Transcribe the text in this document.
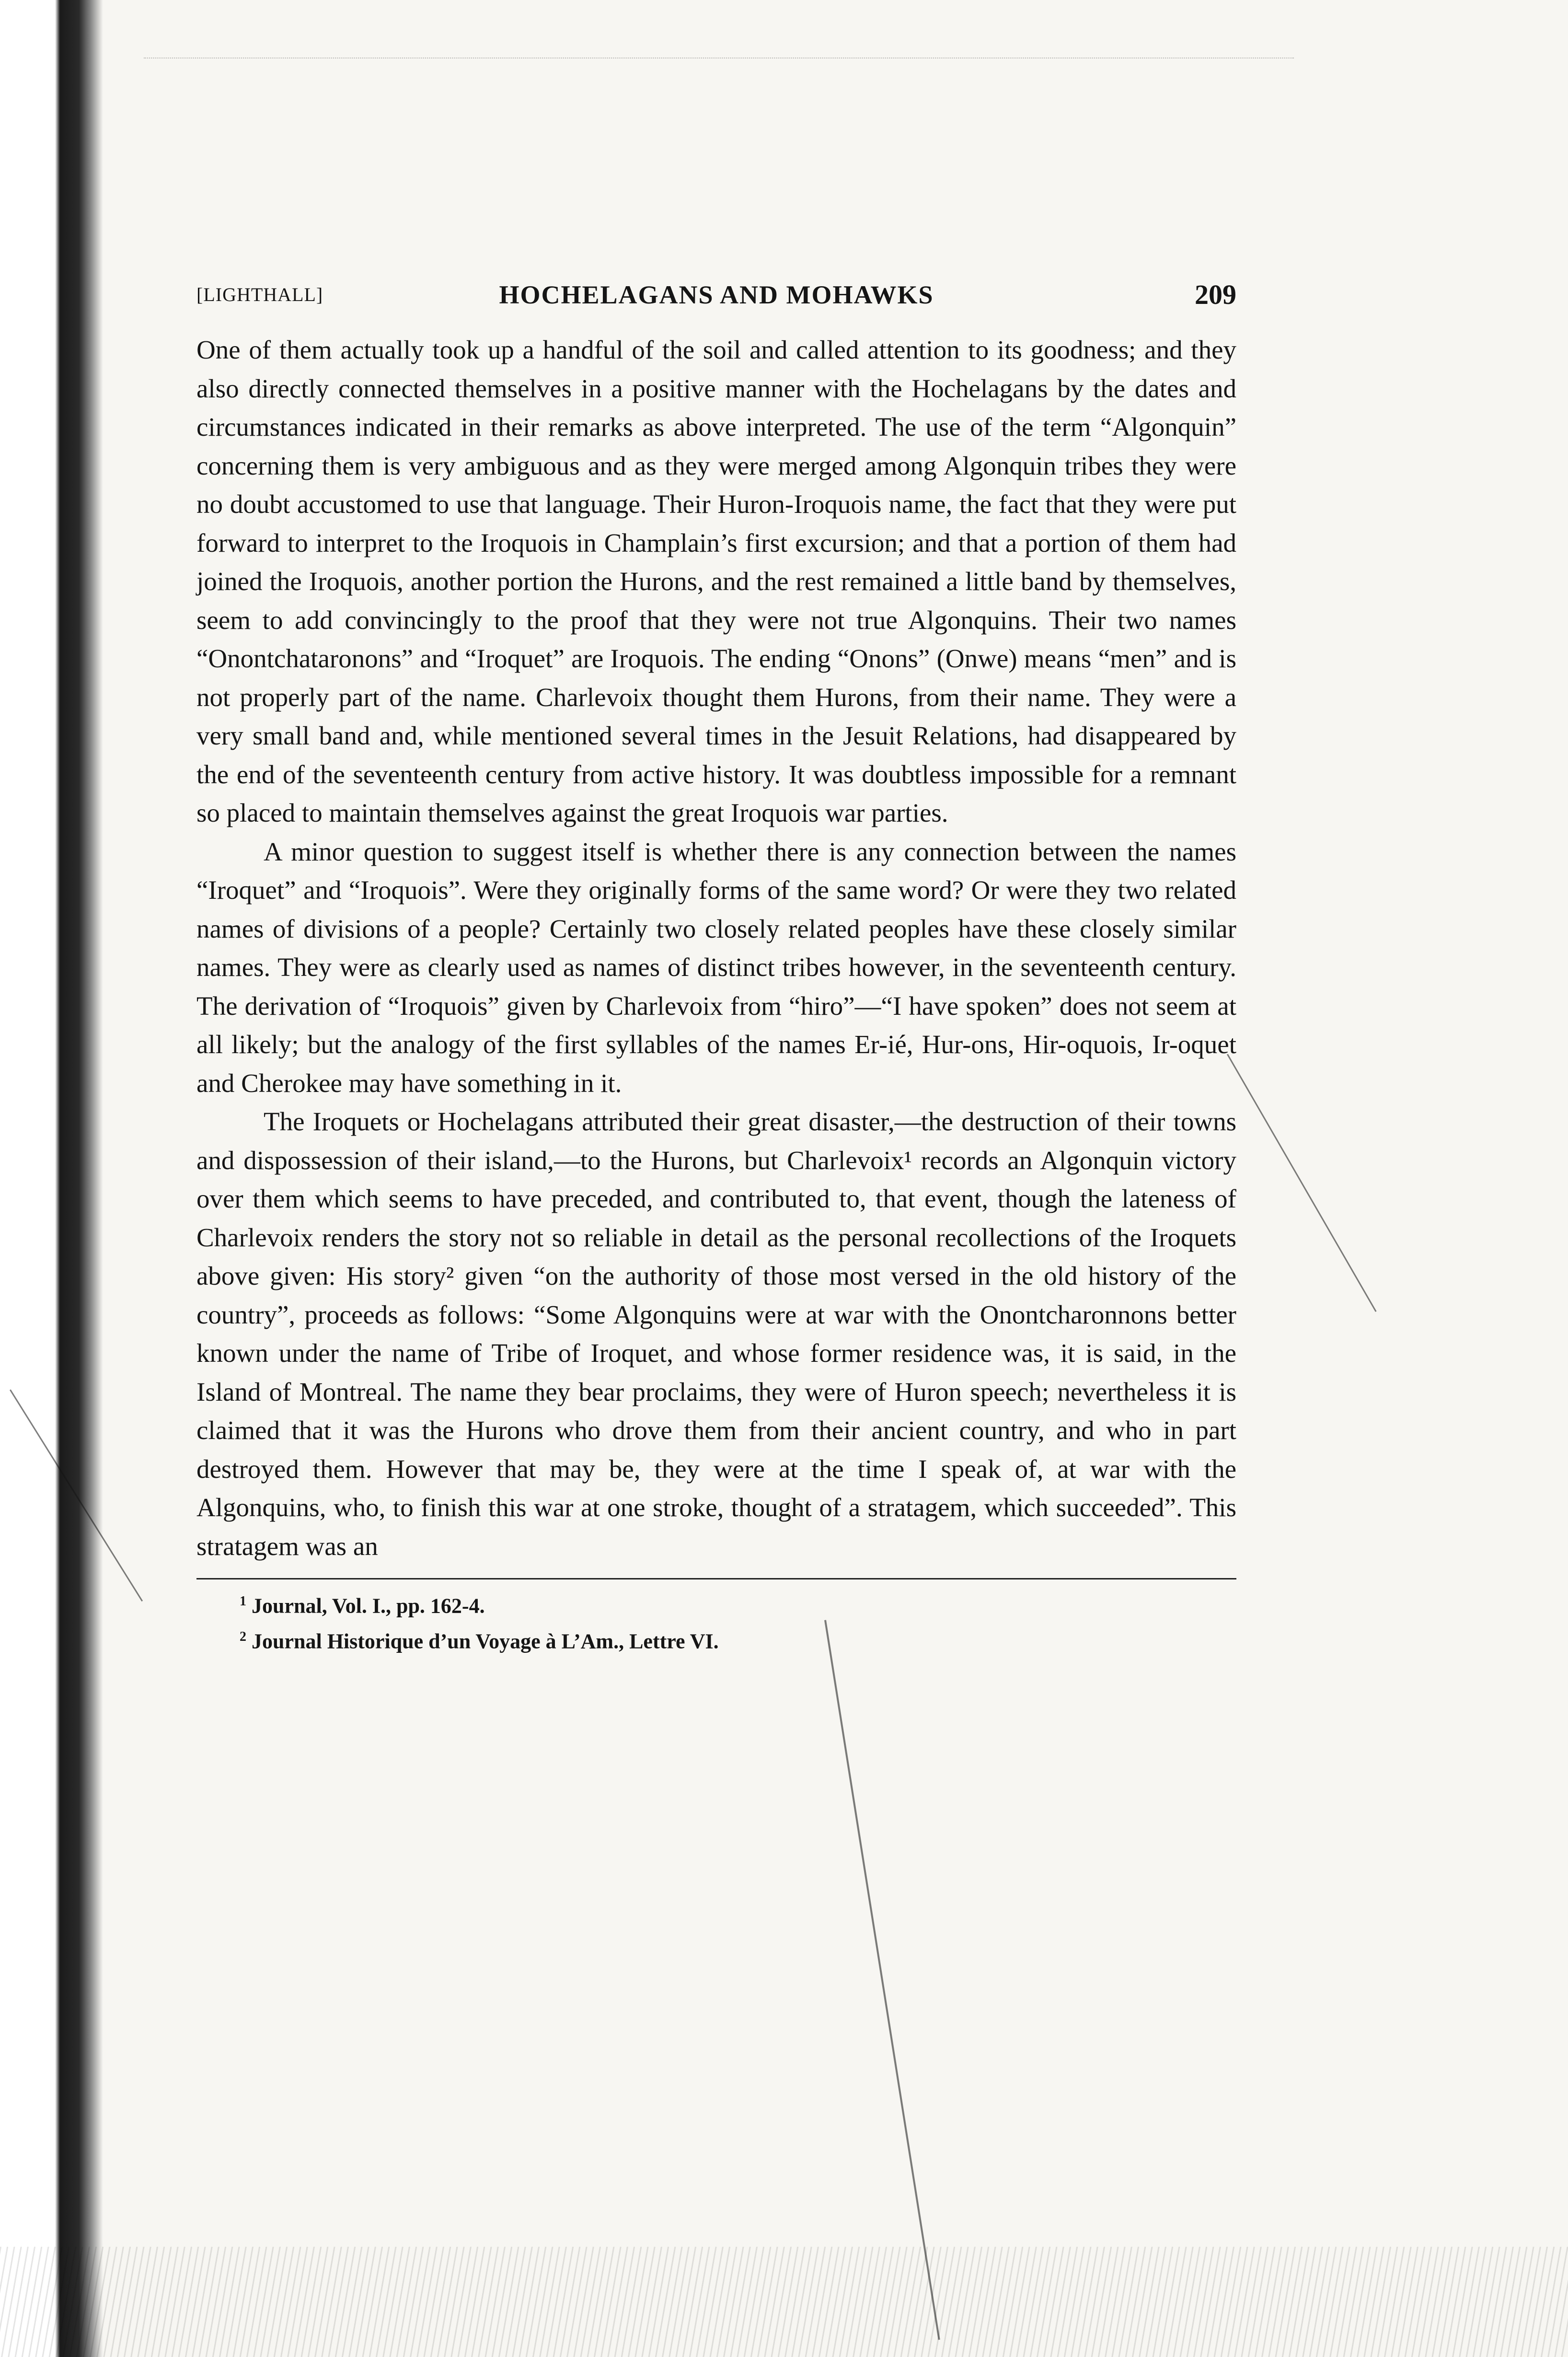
[LIGHTHALL]	HOCHELAGANS AND MOHAWKS	209

One of them actually took up a handful of the soil and called attention to its goodness; and they also directly connected themselves in a positive manner with the Hochelagans by the dates and circumstances indicated in their remarks as above interpreted. The use of the term “Algonquin” concerning them is very ambiguous and as they were merged among Algonquin tribes they were no doubt accustomed to use that language. Their Huron-Iroquois name, the fact that they were put forward to interpret to the Iroquois in Champlain’s first excursion; and that a portion of them had joined the Iroquois, another portion the Hurons, and the rest remained a little band by themselves, seem to add convincingly to the proof that they were not true Algonquins. Their two names “Onontchataronons” and “Iroquet” are Iroquois. The ending “Onons” (Onwe) means “men” and is not properly part of the name. Charlevoix thought them Hurons, from their name. They were a very small band and, while mentioned several times in the Jesuit Relations, had disappeared by the end of the seventeenth century from active history. It was doubtless impossible for a remnant so placed to maintain themselves against the great Iroquois war parties.

A minor question to suggest itself is whether there is any connection between the names “Iroquet” and “Iroquois”. Were they originally forms of the same word? Or were they two related names of divisions of a people? Certainly two closely related peoples have these closely similar names. They were as clearly used as names of distinct tribes however, in the seventeenth century. The derivation of “Iroquois” given by Charlevoix from “hiro”—“I have spoken” does not seem at all likely; but the analogy of the first syllables of the names Er-ié, Hur-ons, Hir-oquois, Ir-oquet and Cherokee may have something in it.

The Iroquets or Hochelagans attributed their great disaster,—the destruction of their towns and dispossession of their island,—to the Hurons, but Charlevoix¹ records an Algonquin victory over them which seems to have preceded, and contributed to, that event, though the lateness of Charlevoix renders the story not so reliable in detail as the personal recollections of the Iroquets above given: His story² given “on the authority of those most versed in the old history of the country”, proceeds as follows: “Some Algonquins were at war with the Onontcharonnons better known under the name of Tribe of Iroquet, and whose former residence was, it is said, in the Island of Montreal. The name they bear proclaims, they were of Huron speech; nevertheless it is claimed that it was the Hurons who drove them from their ancient country, and who in part destroyed them. However that may be, they were at the time I speak of, at war with the Algonquins, who, to finish this war at one stroke, thought of a stratagem, which succeeded”. This stratagem was an

$^1$ Journal, Vol. I., pp. 162-4.
$^2$ Journal Historique d’un Voyage à L’Am., Lettre VI.
